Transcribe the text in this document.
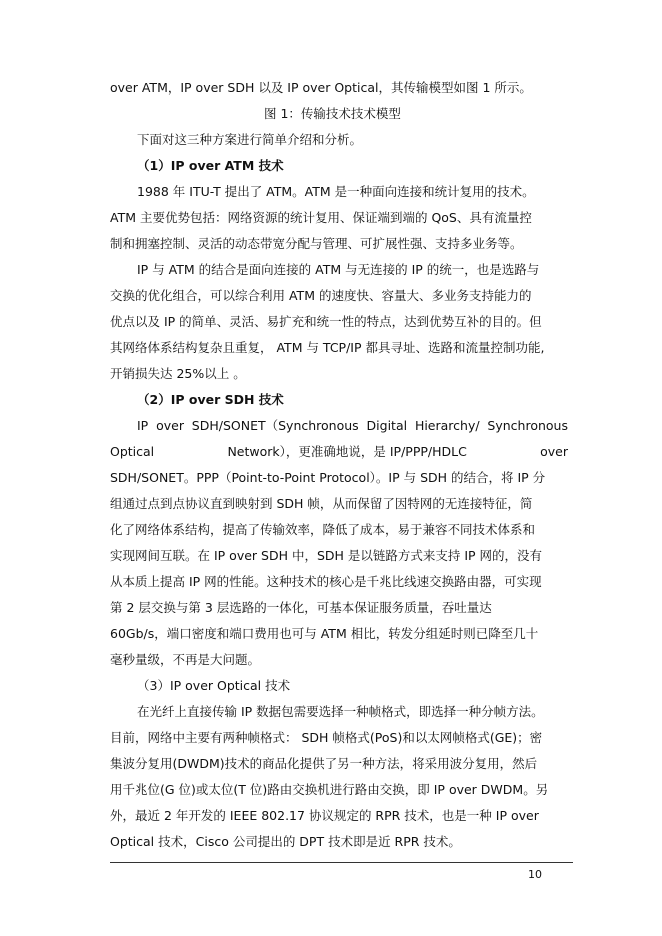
over ATM，IP over SDH 以及 IP over Optical，其传输模型如图 1 所示。

图 1：传输技术技术模型

下面对这三种方案进行简单介绍和分析。

（1）IP over ATM 技术

1988 年 ITU-T 提出了 ATM。ATM 是一种面向连接和统计复用的技术。

ATM 主要优势包括：网络资源的统计复用、保证端到端的 QoS、具有流量控

制和拥塞控制、灵活的动态带宽分配与管理、可扩展性强、支持多业务等。

IP 与 ATM 的结合是面向连接的 ATM 与无连接的 IP 的统一，也是选路与

交换的优化组合，可以综合利用 ATM 的速度快、容量大、多业务支持能力的

优点以及 IP 的简单、灵活、易扩充和统一性的特点，达到优势互补的目的。但

其网络体系结构复杂且重复， ATM 与 TCP/IP 都具寻址、选路和流量控制功能,

开销损失达 25%以上 。

（2）IP over SDH 技术

IP over SDH/SONET（Synchronous Digital Hierarchy/ Synchronous
Optical	Network），更准确地说，是 IP/PPP/HDLC	over

SDH/SONET。PPP（Point-to-Point Protocol）。IP 与 SDH 的结合，将 IP 分

组通过点到点协议直到映射到 SDH 帧，从而保留了因特网的无连接特征，简

化了网络体系结构，提高了传输效率，降低了成本，易于兼容不同技术体系和

实现网间互联。在 IP over SDH 中，SDH 是以链路方式来支持 IP 网的，没有

从本质上提高 IP 网的性能。这种技术的核心是千兆比线速交换路由器，可实现

第 2 层交换与第 3 层选路的一体化，可基本保证服务质量，吞吐量达

60Gb/s，端口密度和端口费用也可与 ATM 相比，转发分组延时则已降至几十

毫秒量级，不再是大问题。

（3）IP over Optical 技术

在光纤上直接传输 IP 数据包需要选择一种帧格式，即选择一种分帧方法。

目前，网络中主要有两种帧格式： SDH 帧格式(PoS)和以太网帧格式(GE)；密

集波分复用(DWDM)技术的商品化提供了另一种方法，将采用波分复用，然后

用千兆位(G 位)或太位(T 位)路由交换机进行路由交换，即 IP over DWDM。另

外，最近 2 年开发的 IEEE 802.17 协议规定的 RPR 技术，也是一种 IP over

Optical 技术，Cisco 公司提出的 DPT 技术即是近 RPR 技术。

10
